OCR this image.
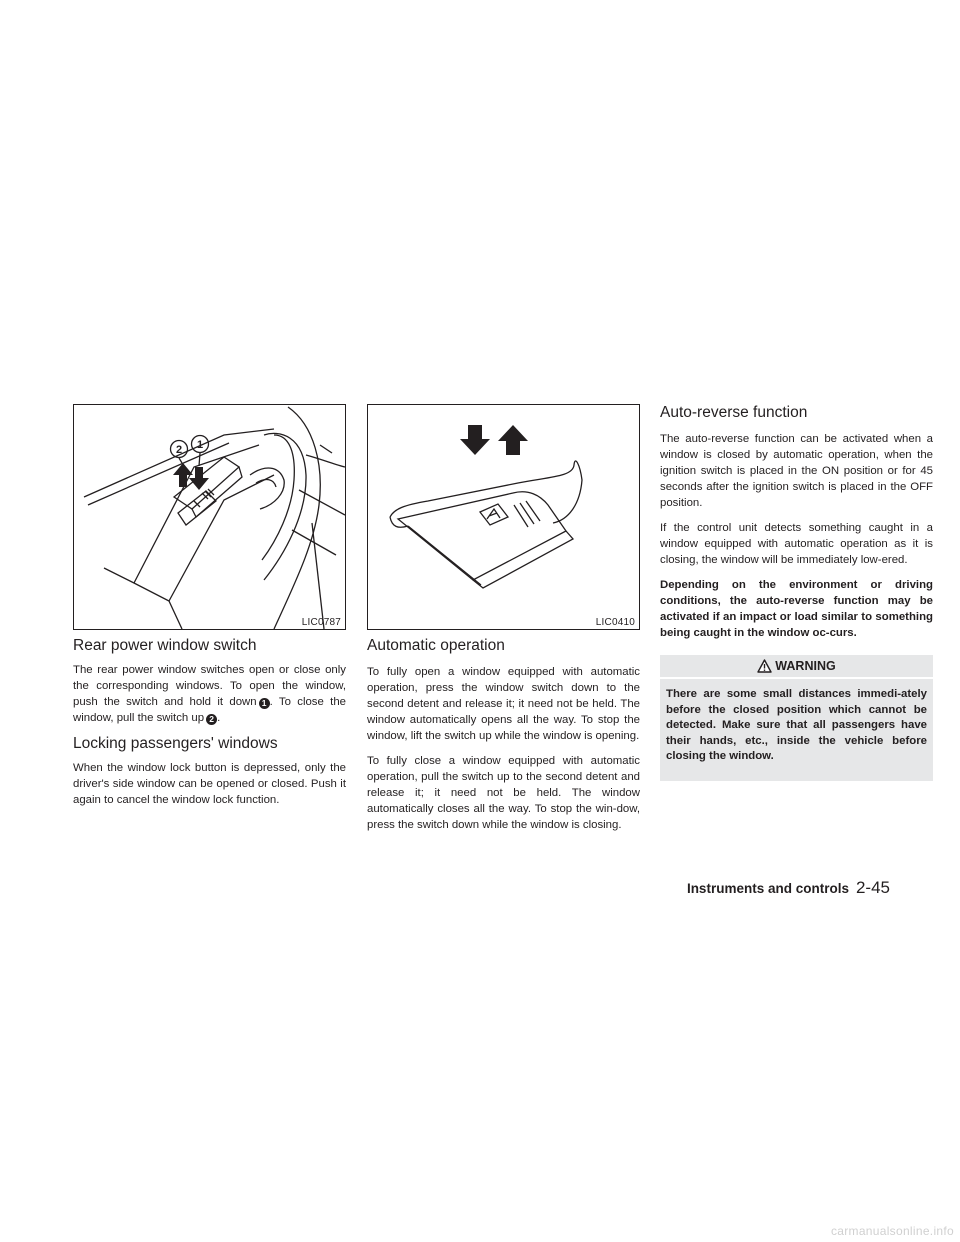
2 1
LIC0787
Rear power window switch

The rear power window switches open or close only the corresponding windows. To open the window, push the switch and hold it down 1 . To close the window, pull the switch up 2 .

Locking passengers' windows

When the window lock button is depressed, only the driver's side window can be opened or closed. Push it again to cancel the window lock function.

LIC0410
Automatic operation

To fully open a window equipped with automatic operation, press the window switch down to the second detent and release it; it need not be held. The window automatically opens all the way. To stop the window, lift the switch up while the window is opening.

To fully close a window equipped with automatic operation, pull the switch up to the second detent and release it; it need not be held. The window automatically closes all the way. To stop the win-dow, press the switch down while the window is closing.

Auto-reverse function

The auto-reverse function can be activated when a window is closed by automatic operation, when the ignition switch is placed in the ON position or for 45 seconds after the ignition switch is placed in the OFF position.

If the control unit detects something caught in a window equipped with automatic operation as it is closing, the window will be immediately low-ered.

Depending on the environment or driving conditions, the auto-reverse function may be activated if an impact or load similar to something being caught in the window oc-curs.

WARNING

There are some small distances immedi-ately before the closed position which cannot be detected. Make sure that all passengers have their hands, etc., inside the vehicle before closing the window.

Instruments and controls 2-45
carmanualsonline.info
